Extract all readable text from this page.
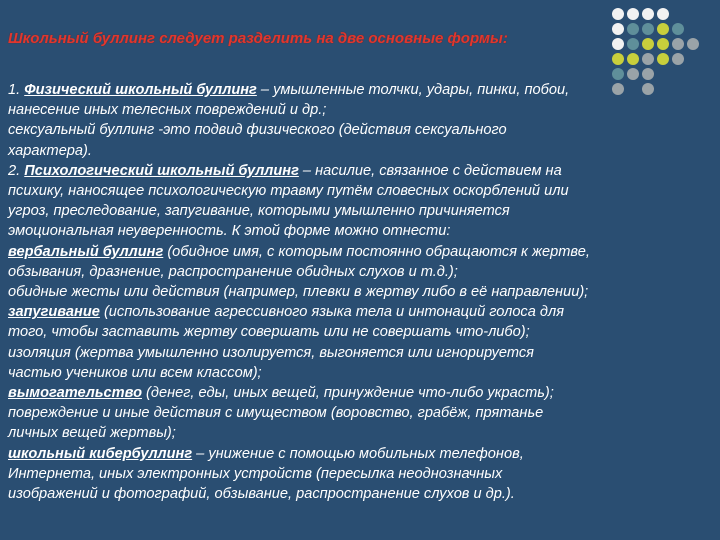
Школьный буллинг следует разделить на две основные формы:

1. Физический школьный буллинг – умышленные толчки, удары, пинки, побои,

нанесение иных телесных повреждений и др.;

сексуальный буллинг -это подвид физического (действия сексуального

характера).

2. Психологический школьный буллинг – насилие, связанное с действием на

психику, наносящее психологическую травму путём словесных оскорблений или

угроз, преследование, запугивание, которыми умышленно причиняется

эмоциональная неуверенность. К этой форме можно отнести:

вербальный буллинг (обидное имя, с которым постоянно обращаются к жертве,

обзывания, дразнение, распространение обидных слухов и т.д.);

обидные жесты или действия (например, плевки в жертву либо в её направлении);

запугивание (использование агрессивного языка тела и интонаций голоса для

того, чтобы заставить жертву совершать или не совершать что-либо);

изоляция (жертва умышленно изолируется, выгоняется или игнорируется

частью учеников или всем классом);

вымогательство (денег, еды, иных вещей, принуждение что-либо украсть);

повреждение и иные действия с имуществом (воровство, грабёж, прятанье

личных вещей жертвы);

школьный кибербуллинг – унижение с помощью мобильных телефонов,

Интернета, иных электронных устройств (пересылка неоднозначных

изображений и фотографий, обзывание, распространение слухов и др.).
